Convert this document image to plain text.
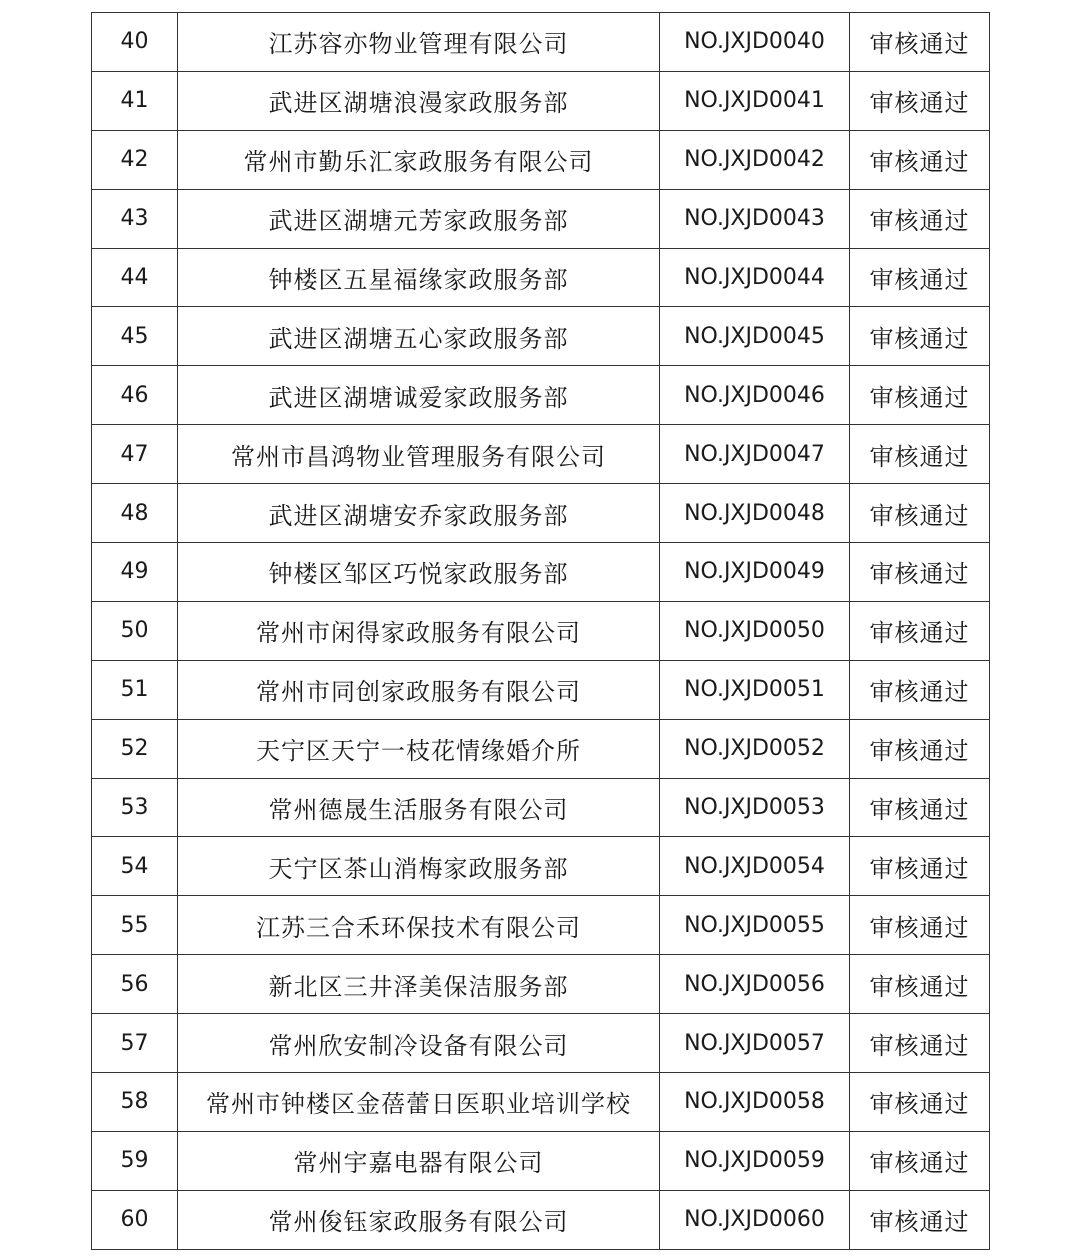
40	江苏容亦物业管理有限公司	NO.JXJD0040	审核通过
41	武进区湖塘浪漫家政服务部	NO.JXJD0041	审核通过
42	常州市勤乐汇家政服务有限公司	NO.JXJD0042	审核通过
43	武进区湖塘元芳家政服务部	NO.JXJD0043	审核通过
44	钟楼区五星福缘家政服务部	NO.JXJD0044	审核通过
45	武进区湖塘五心家政服务部	NO.JXJD0045	审核通过
46	武进区湖塘诚爱家政服务部	NO.JXJD0046	审核通过
47	常州市昌鸿物业管理服务有限公司	NO.JXJD0047	审核通过
48	武进区湖塘安乔家政服务部	NO.JXJD0048	审核通过
49	钟楼区邹区巧悦家政服务部	NO.JXJD0049	审核通过
50	常州市闲得家政服务有限公司	NO.JXJD0050	审核通过
51	常州市同创家政服务有限公司	NO.JXJD0051	审核通过
52	天宁区天宁一枝花情缘婚介所	NO.JXJD0052	审核通过
53	常州德晟生活服务有限公司	NO.JXJD0053	审核通过
54	天宁区茶山消梅家政服务部	NO.JXJD0054	审核通过
55	江苏三合禾环保技术有限公司	NO.JXJD0055	审核通过
56	新北区三井泽美保洁服务部	NO.JXJD0056	审核通过
57	常州欣安制冷设备有限公司	NO.JXJD0057	审核通过
58	常州市钟楼区金蓓蕾日医职业培训学校	NO.JXJD0058	审核通过
59	常州宇嘉电器有限公司	NO.JXJD0059	审核通过
60	常州俊钰家政服务有限公司	NO.JXJD0060	审核通过
